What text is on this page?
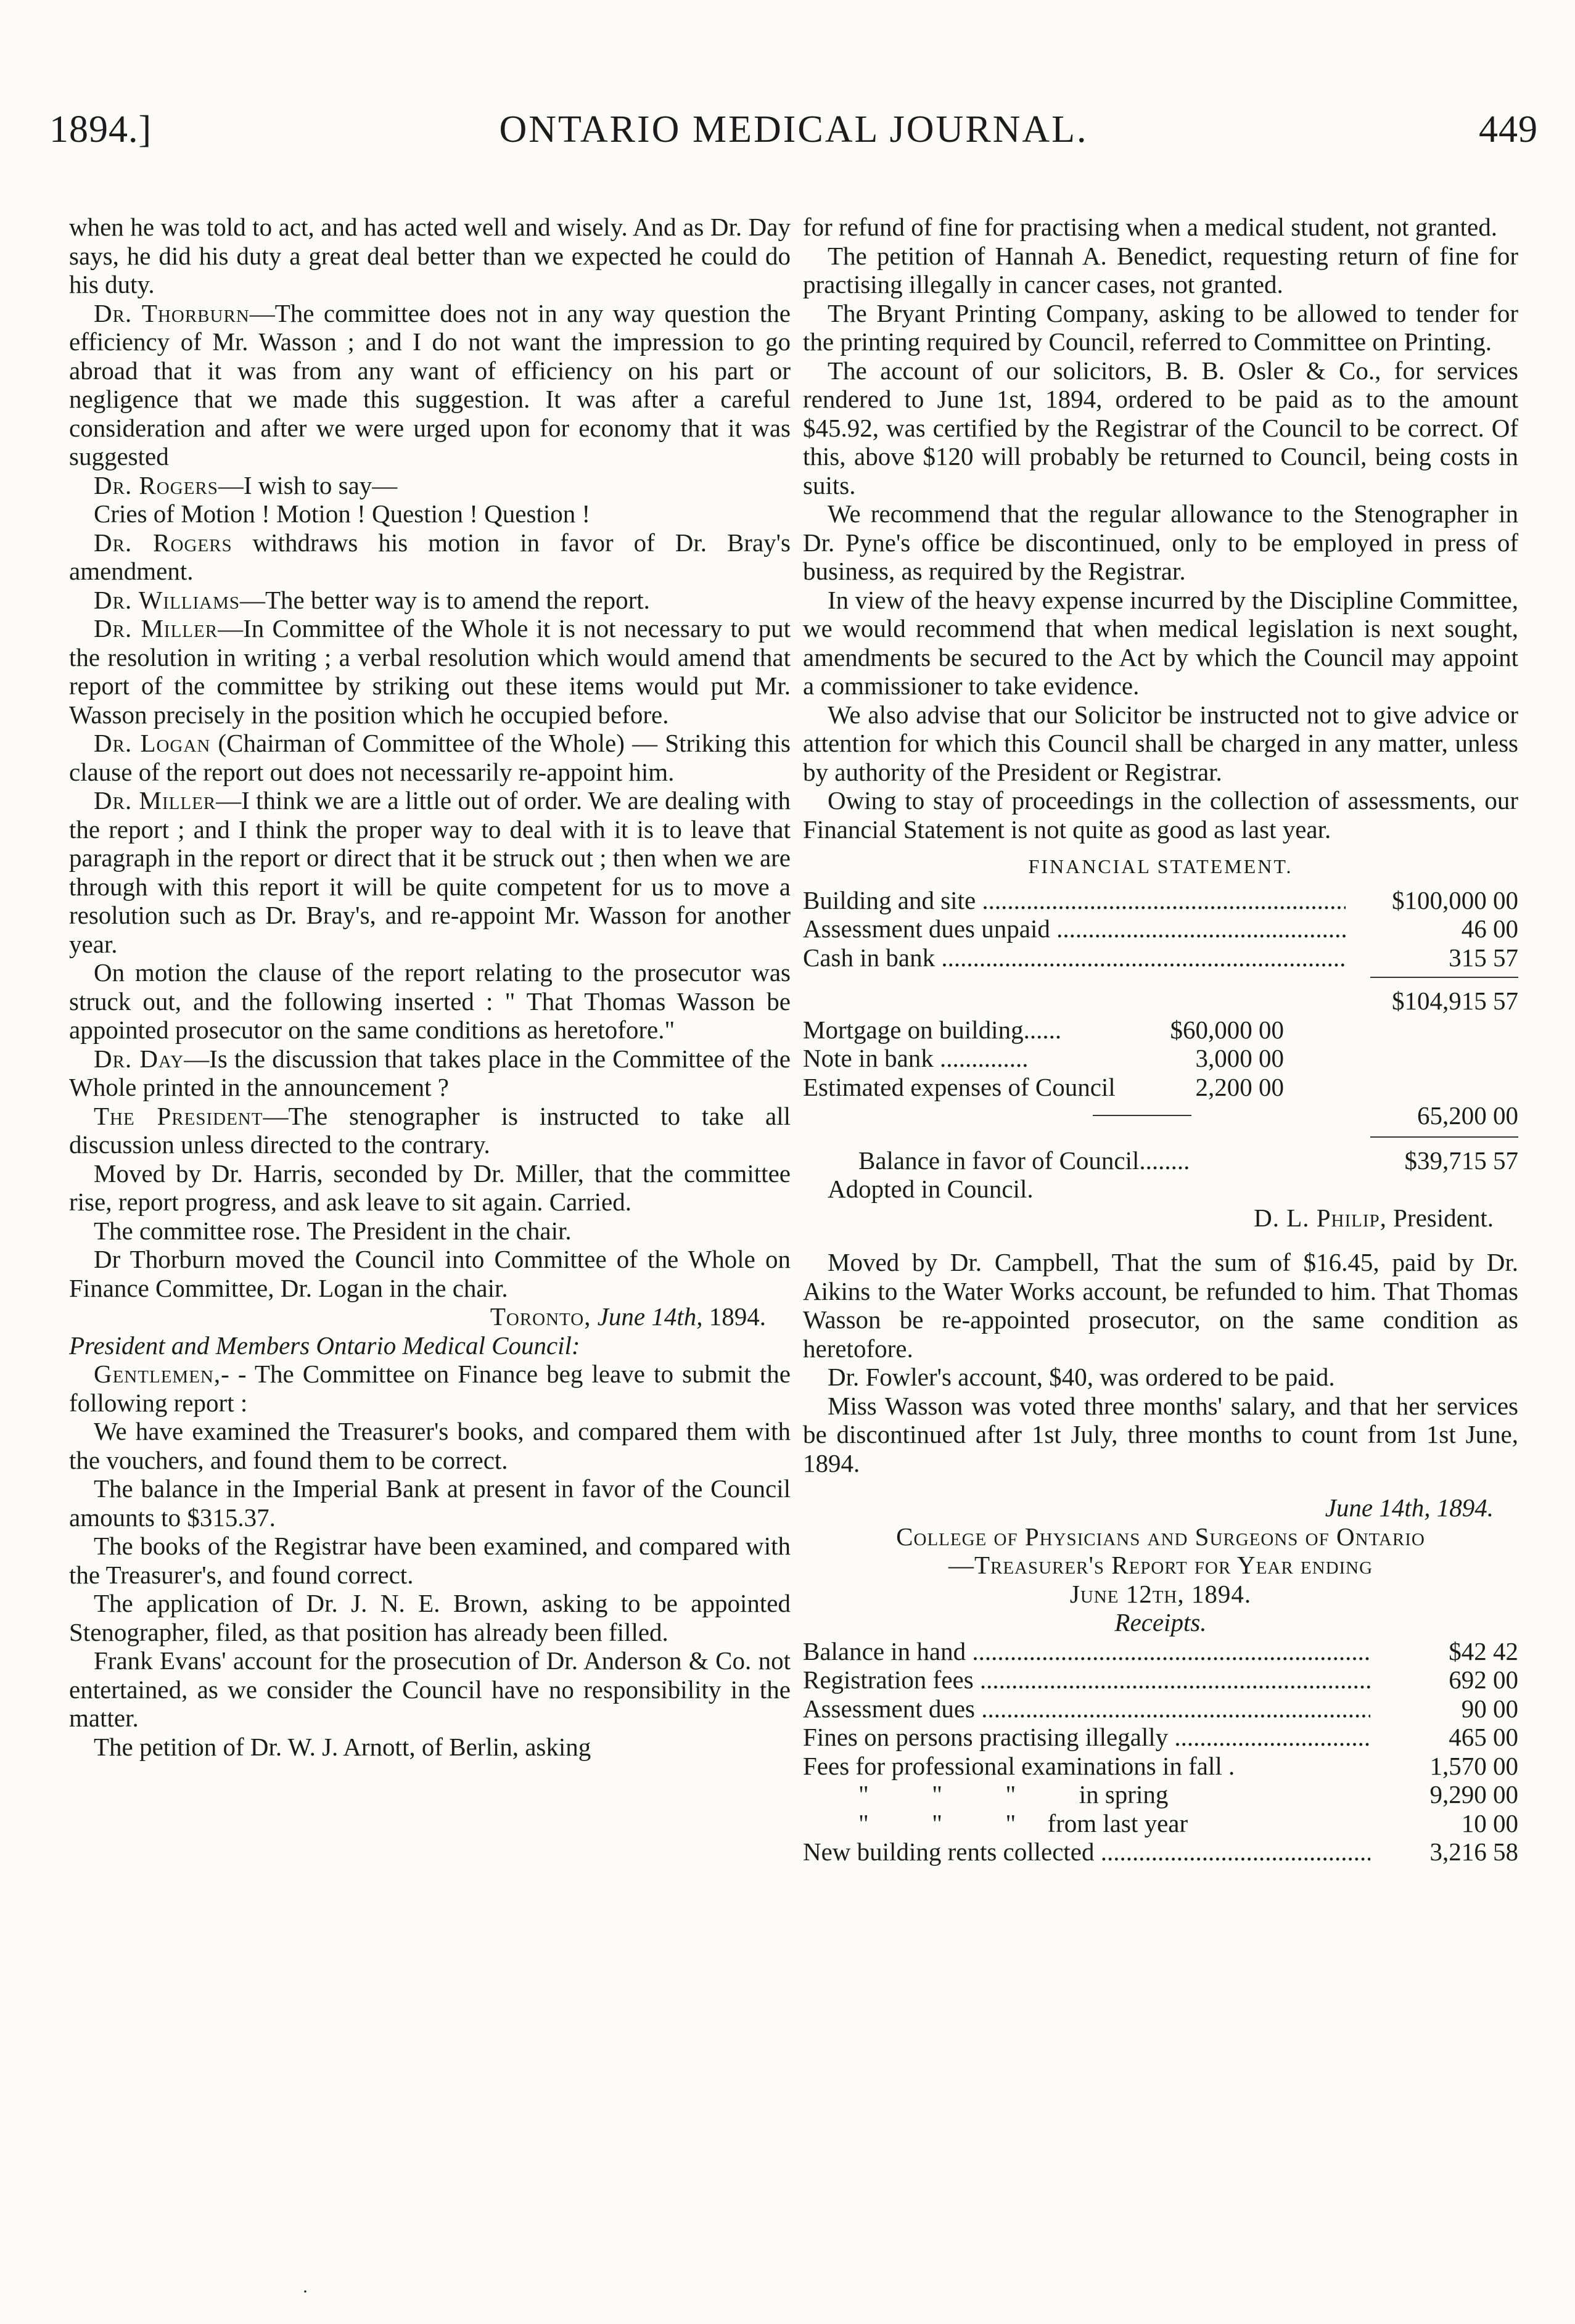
1894.]	ONTARIO MEDICAL JOURNAL.	449

when he was told to act, and has acted well and wisely. And as Dr. Day says, he did his duty a great deal better than we expected he could do his duty.

Dr. Thorburn—The committee does not in any way question the efficiency of Mr. Wasson ; and I do not want the impression to go abroad that it was from any want of efficiency on his part or negligence that we made this suggestion. It was after a careful consideration and after we were urged upon for economy that it was suggested

Dr. Rogers—I wish to say—

Cries of Motion ! Motion ! Question ! Question !

Dr. Rogers withdraws his motion in favor of Dr. Bray's amendment.

Dr. Williams—The better way is to amend the report.

Dr. Miller—In Committee of the Whole it is not necessary to put the resolution in writing ; a verbal resolution which would amend that report of the committee by striking out these items would put Mr. Wasson precisely in the position which he occupied before.

Dr. Logan (Chairman of Committee of the Whole) — Striking this clause of the report out does not necessarily re-appoint him.

Dr. Miller—I think we are a little out of order. We are dealing with the report ; and I think the proper way to deal with it is to leave that paragraph in the report or direct that it be struck out ; then when we are through with this report it will be quite competent for us to move a resolution such as Dr. Bray's, and re-appoint Mr. Wasson for another year.

On motion the clause of the report relating to the prosecutor was struck out, and the following inserted : " That Thomas Wasson be appointed prosecutor on the same conditions as heretofore."

Dr. Day—Is the discussion that takes place in the Committee of the Whole printed in the announcement ?

The President—The stenographer is instructed to take all discussion unless directed to the contrary.

Moved by Dr. Harris, seconded by Dr. Miller, that the committee rise, report progress, and ask leave to sit again. Carried.

The committee rose. The President in the chair.

Dr Thorburn moved the Council into Committee of the Whole on Finance Committee, Dr. Logan in the chair.

Toronto, June 14th, 1894.

President and Members Ontario Medical Council:

Gentlemen,- - The Committee on Finance beg leave to submit the following report :

We have examined the Treasurer's books, and compared them with the vouchers, and found them to be correct.

The balance in the Imperial Bank at present in favor of the Council amounts to $315.37.

The books of the Registrar have been examined, and compared with the Treasurer's, and found correct.

The application of Dr. J. N. E. Brown, asking to be appointed Stenographer, filed, as that position has already been filled.

Frank Evans' account for the prosecution of Dr. Anderson & Co. not entertained, as we consider the Council have no responsibility in the matter.

The petition of Dr. W. J. Arnott, of Berlin, asking

for refund of fine for practising when a medical student, not granted.

The petition of Hannah A. Benedict, requesting return of fine for practising illegally in cancer cases, not granted.

The Bryant Printing Company, asking to be allowed to tender for the printing required by Council, referred to Committee on Printing.

The account of our solicitors, B. B. Osler & Co., for services rendered to June 1st, 1894, ordered to be paid as to the amount $45.92, was certified by the Registrar of the Council to be correct. Of this, above $120 will probably be returned to Council, being costs in suits.

We recommend that the regular allowance to the Stenographer in Dr. Pyne's office be discontinued, only to be employed in press of business, as required by the Registrar.

In view of the heavy expense incurred by the Discipline Committee, we would recommend that when medical legislation is next sought, amendments be secured to the Act by which the Council may appoint a commissioner to take evidence.

We also advise that our Solicitor be instructed not to give advice or attention for which this Council shall be charged in any matter, unless by authority of the President or Registrar.

Owing to stay of proceedings in the collection of assessments, our Financial Statement is not quite as good as last year.

FINANCIAL STATEMENT.
Building and site .....	$100,000 00
Assessment dues unpaid .....	46 00
Cash in bank .....	315 57
$104,915 57
Mortgage on building......	$60,000 00
Note in bank ..............	3,000 00
Estimated expenses of Council	2,200 00
65,200 00
Balance in favor of Council........	$39,715 57

Adopted in Council.

D. L. Philip, President.

Moved by Dr. Campbell, That the sum of $16.45, paid by Dr. Aikins to the Water Works account, be refunded to him. That Thomas Wasson be re-appointed prosecutor, on the same condition as heretofore.

Dr. Fowler's account, $40, was ordered to be paid.

Miss Wasson was voted three months' salary, and that her services be discontinued after 1st July, three months to count from 1st June, 1894.

June 14th, 1894.

College of Physicians and Surgeons of Ontario

—Treasurer's Report for Year ending

June 12th, 1894.

Receipts.

Balance in hand .....	$42 42
Registration fees .....	692 00
Assessment dues .....	90 00
Fines on persons practising illegally .....	465 00
Fees for professional examinations in fall .	1,570 00
"          "          "          in spring	9,290 00
"          "          "     from last year	10 00
New building rents collected .....	3,216 58
·
